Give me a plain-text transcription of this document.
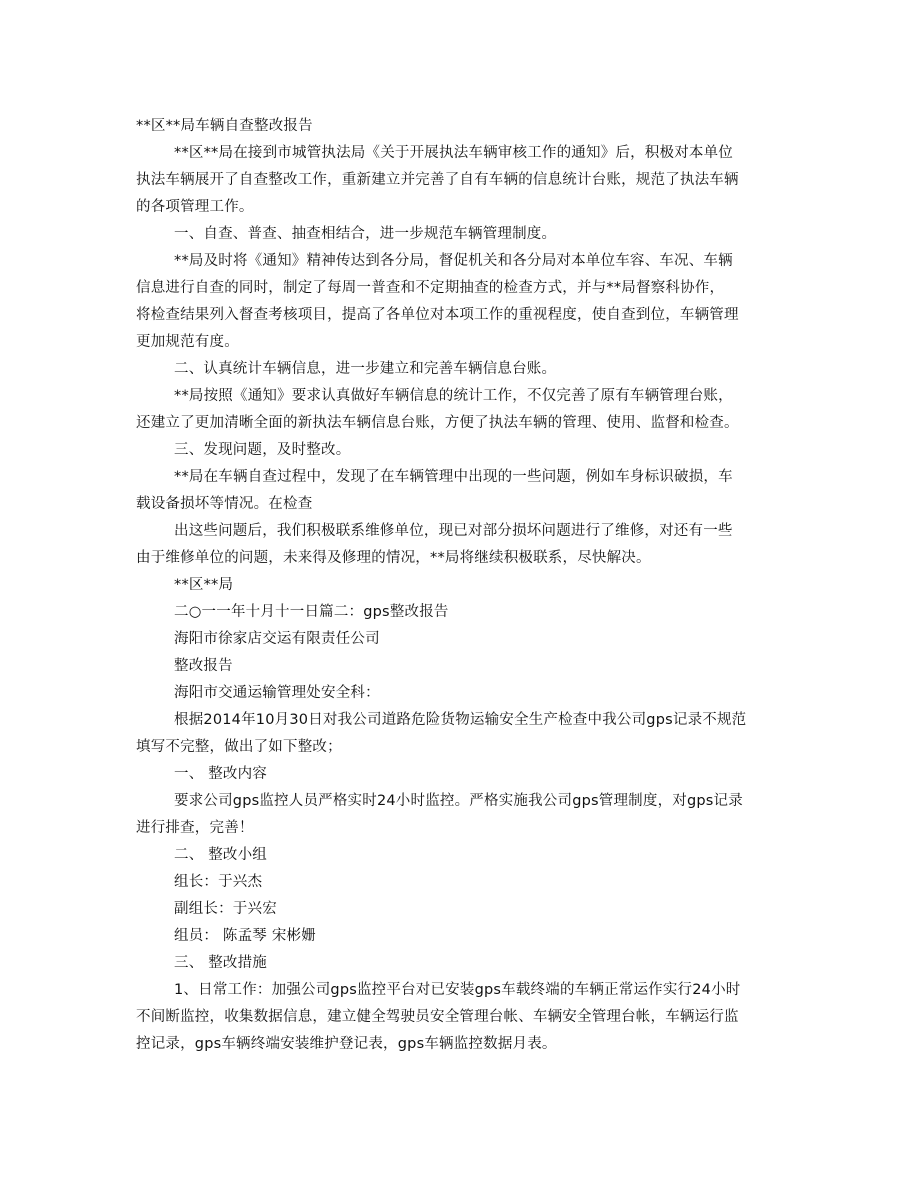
**区**局车辆自查整改报告
**区**局在接到市城管执法局《关于开展执法车辆审核工作的通知》后，积极对本单位
执法车辆展开了自查整改工作，重新建立并完善了自有车辆的信息统计台账，规范了执法车辆
的各项管理工作。
一、自查、普查、抽查相结合，进一步规范车辆管理制度。
**局及时将《通知》精神传达到各分局，督促机关和各分局对本单位车容、车况、车辆
信息进行自查的同时，制定了每周一普查和不定期抽查的检查方式，并与**局督察科协作，
将检查结果列入督查考核项目，提高了各单位对本项工作的重视程度，使自查到位，车辆管理
更加规范有度。
二、认真统计车辆信息，进一步建立和完善车辆信息台账。
**局按照《通知》要求认真做好车辆信息的统计工作，不仅完善了原有车辆管理台账，
还建立了更加清晰全面的新执法车辆信息台账，方便了执法车辆的管理、使用、监督和检查。
三、发现问题，及时整改。
**局在车辆自查过程中，发现了在车辆管理中出现的一些问题，例如车身标识破损，车
载设备损坏等情况。在检查
出这些问题后，我们积极联系维修单位，现已对部分损坏问题进行了维修，对还有一些
由于维修单位的问题，未来得及修理的情况，**局将继续积极联系，尽快解决。
**区**局
二○一一年十月十一日篇二：gps整改报告
海阳市徐家店交运有限责任公司
整改报告
海阳市交通运输管理处安全科：
根据2014年10月30日对我公司道路危险货物运输安全生产检查中我公司gps记录不规范
填写不完整，做出了如下整改；
一、 整改内容
要求公司gps监控人员严格实时24小时监控。严格实施我公司gps管理制度，对gps记录
进行排查，完善！
二、 整改小组
组长：于兴杰
副组长：于兴宏
组员： 陈孟琴 宋彬姗
三、 整改措施
1、日常工作：加强公司gps监控平台对已安装gps车载终端的车辆正常运作实行24小时
不间断监控，收集数据信息，建立健全驾驶员安全管理台帐、车辆安全管理台帐，车辆运行监
控记录，gps车辆终端安装维护登记表，gps车辆监控数据月表。
